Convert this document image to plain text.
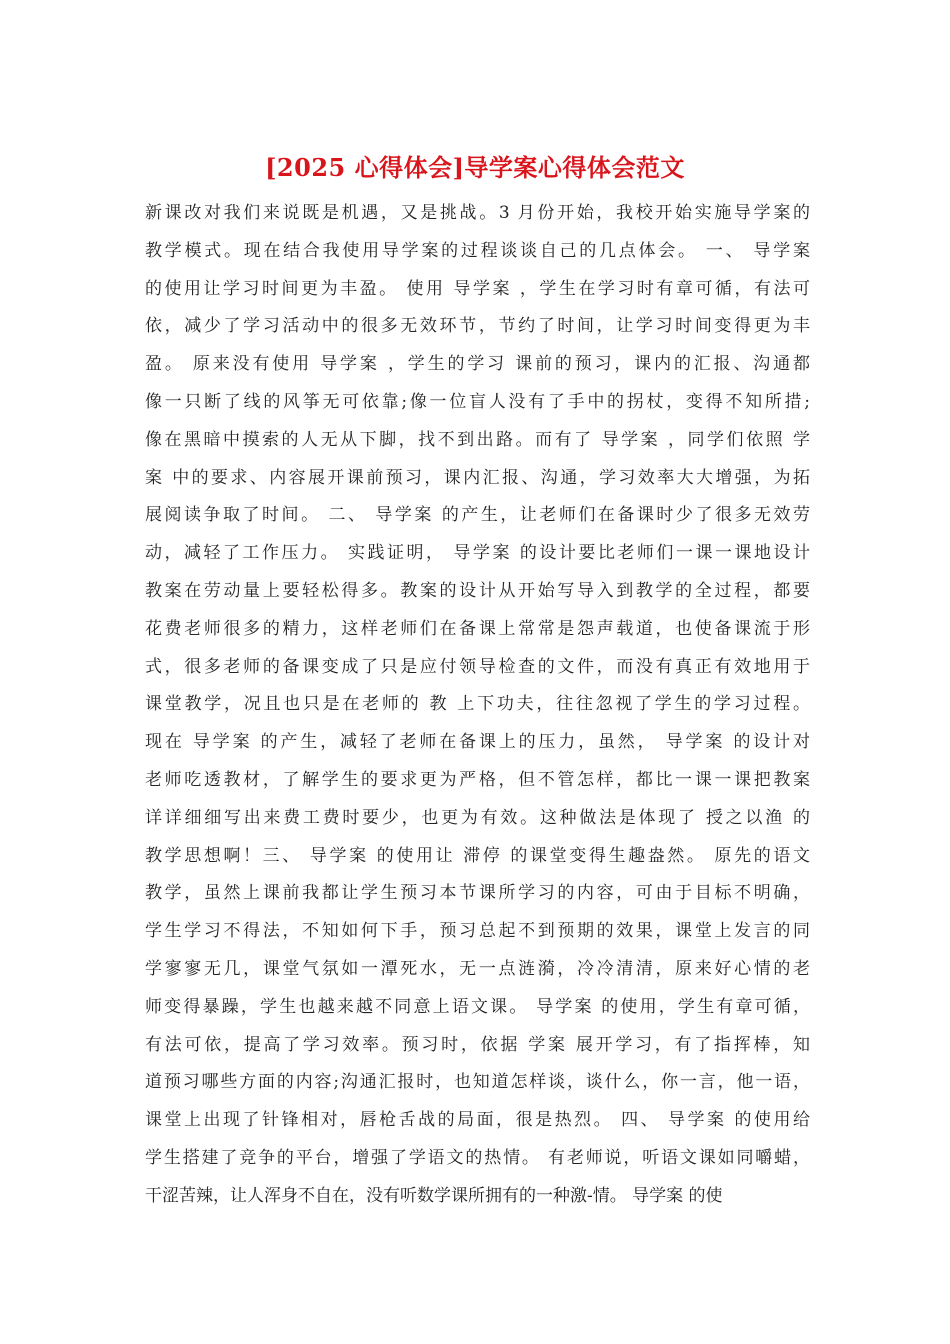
[2025 心得体会]导学案心得体会范文
新课改对我们来说既是机遇，又是挑战。3 月份开始，我校开始实施导学案的
教学模式。现在结合我使用导学案的过程谈谈自己的几点体会。 一、 导学案
的使用让学习时间更为丰盈。 使用 导学案 ，学生在学习时有章可循，有法可
依，减少了学习活动中的很多无效环节，节约了时间，让学习时间变得更为丰
盈。 原来没有使用 导学案 ，学生的学习 课前的预习，课内的汇报、沟通都
像一只断了线的风筝无可依靠;像一位盲人没有了手中的拐杖，变得不知所措;
像在黑暗中摸索的人无从下脚，找不到出路。而有了 导学案 ，同学们依照 学
案 中的要求、内容展开课前预习，课内汇报、沟通，学习效率大大增强，为拓
展阅读争取了时间。 二、 导学案 的产生，让老师们在备课时少了很多无效劳
动，减轻了工作压力。 实践证明， 导学案 的设计要比老师们一课一课地设计
教案在劳动量上要轻松得多。教案的设计从开始写导入到教学的全过程，都要
花费老师很多的精力，这样老师们在备课上常常是怨声载道，也使备课流于形
式，很多老师的备课变成了只是应付领导检查的文件，而没有真正有效地用于
课堂教学，况且也只是在老师的 教 上下功夫，往往忽视了学生的学习过程。
现在 导学案 的产生，减轻了老师在备课上的压力，虽然， 导学案 的设计对
老师吃透教材，了解学生的要求更为严格，但不管怎样，都比一课一课把教案
详详细细写出来费工费时要少，也更为有效。这种做法是体现了 授之以渔 的
教学思想啊！三、 导学案 的使用让 滞停 的课堂变得生趣盎然。 原先的语文
教学，虽然上课前我都让学生预习本节课所学习的内容，可由于目标不明确，
学生学习不得法，不知如何下手，预习总起不到预期的效果，课堂上发言的同
学寥寥无几，课堂气氛如一潭死水，无一点涟漪，冷冷清清，原来好心情的老
师变得暴躁，学生也越来越不同意上语文课。 导学案 的使用，学生有章可循，
有法可依，提高了学习效率。预习时，依据 学案 展开学习，有了指挥棒，知
道预习哪些方面的内容;沟通汇报时，也知道怎样谈，谈什么，你一言，他一语，
课堂上出现了针锋相对，唇枪舌战的局面，很是热烈。 四、 导学案 的使用给
学生搭建了竞争的平台，增强了学语文的热情。 有老师说，听语文课如同嚼蜡，
干涩苦辣，让人浑身不自在，没有听数学课所拥有的一种激-情。 导学案 的使
